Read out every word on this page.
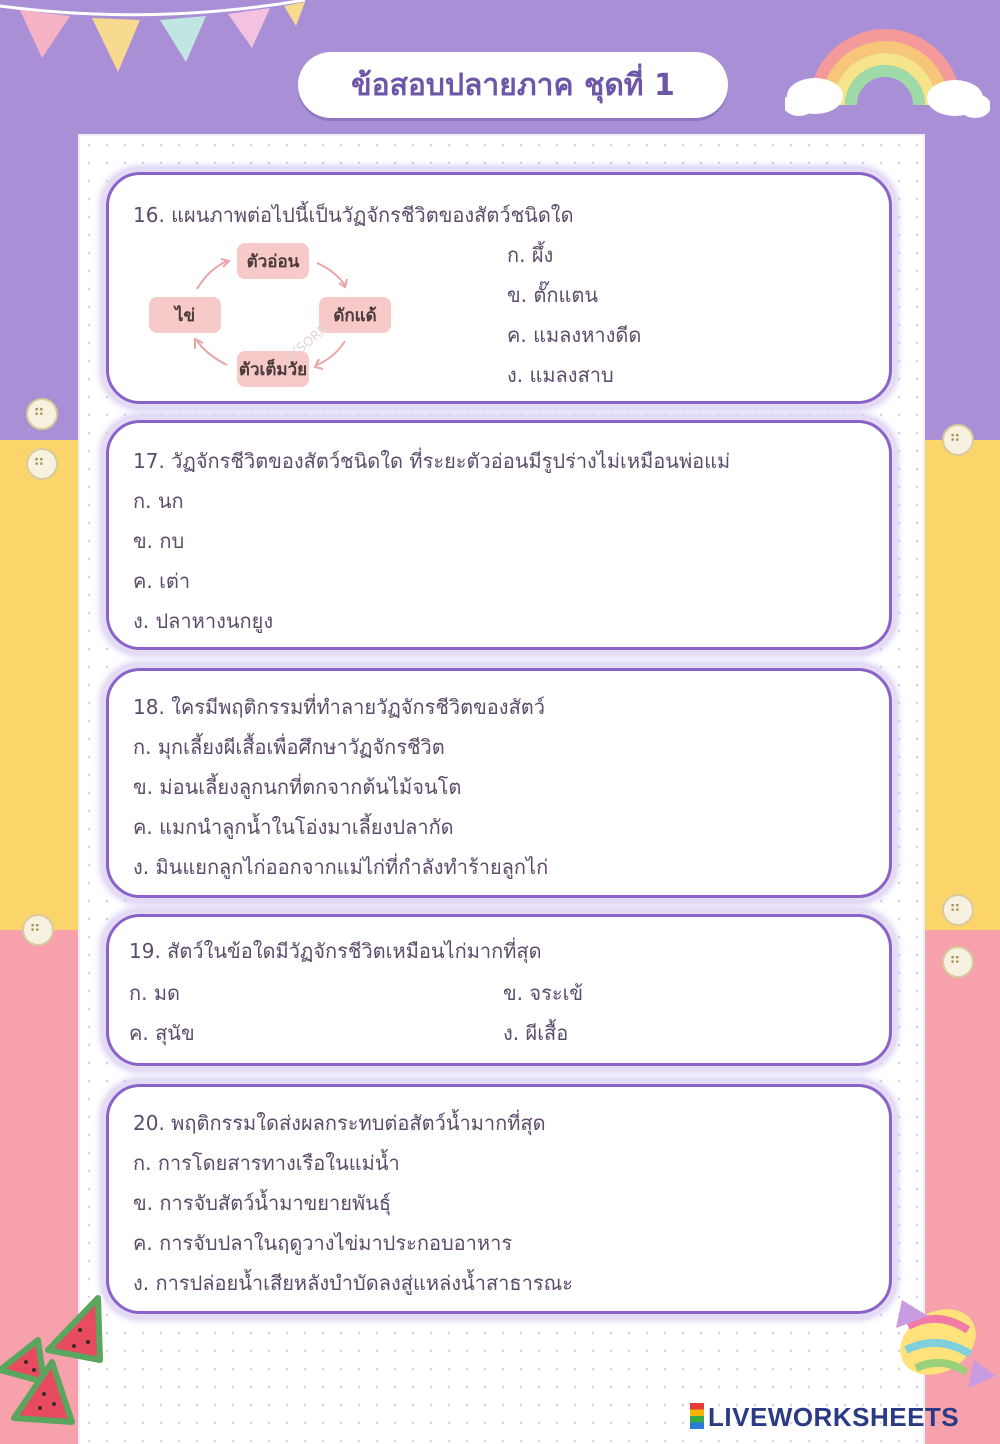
⠶
⠶
⠶
⠶
⠶
⠶
ข้อสอบปลายภาค ชุดที่ 1
16. แผนภาพต่อไปนี้เป็นวัฏจักรชีวิตของสัตว์ชนิดใด
ตัวอ่อน
ดักแด้
ตัวเต็มวัย
ไข่
AKSORN
ก. ผึ้ง
ข. ตั๊กแตน
ค. แมลงหางดีด
ง. แมลงสาบ
17. วัฏจักรชีวิตของสัตว์ชนิดใด ที่ระยะตัวอ่อนมีรูปร่างไม่เหมือนพ่อแม่
ก. นก
ข. กบ
ค. เต่า
ง. ปลาหางนกยูง
18. ใครมีพฤติกรรมที่ทำลายวัฏจักรชีวิตของสัตว์
ก. มุกเลี้ยงผีเสื้อเพื่อศึกษาวัฏจักรชีวิต
ข. ม่อนเลี้ยงลูกนกที่ตกจากต้นไม้จนโต
ค. แมกนำลูกน้ำในโอ่งมาเลี้ยงปลากัด
ง. มินแยกลูกไก่ออกจากแม่ไก่ที่กำลังทำร้ายลูกไก่
19. สัตว์ในข้อใดมีวัฏจักรชีวิตเหมือนไก่มากที่สุด
ก. มด	ข. จระเข้
ค. สุนัข	ง. ผีเสื้อ
20. พฤติกรรมใดส่งผลกระทบต่อสัตว์น้ำมากที่สุด
ก. การโดยสารทางเรือในแม่น้ำ
ข. การจับสัตว์น้ำมาขยายพันธุ์
ค. การจับปลาในฤดูวางไข่มาประกอบอาหาร
ง. การปล่อยน้ำเสียหลังบำบัดลงสู่แหล่งน้ำสาธารณะ
LIVEWORKSHEETS
